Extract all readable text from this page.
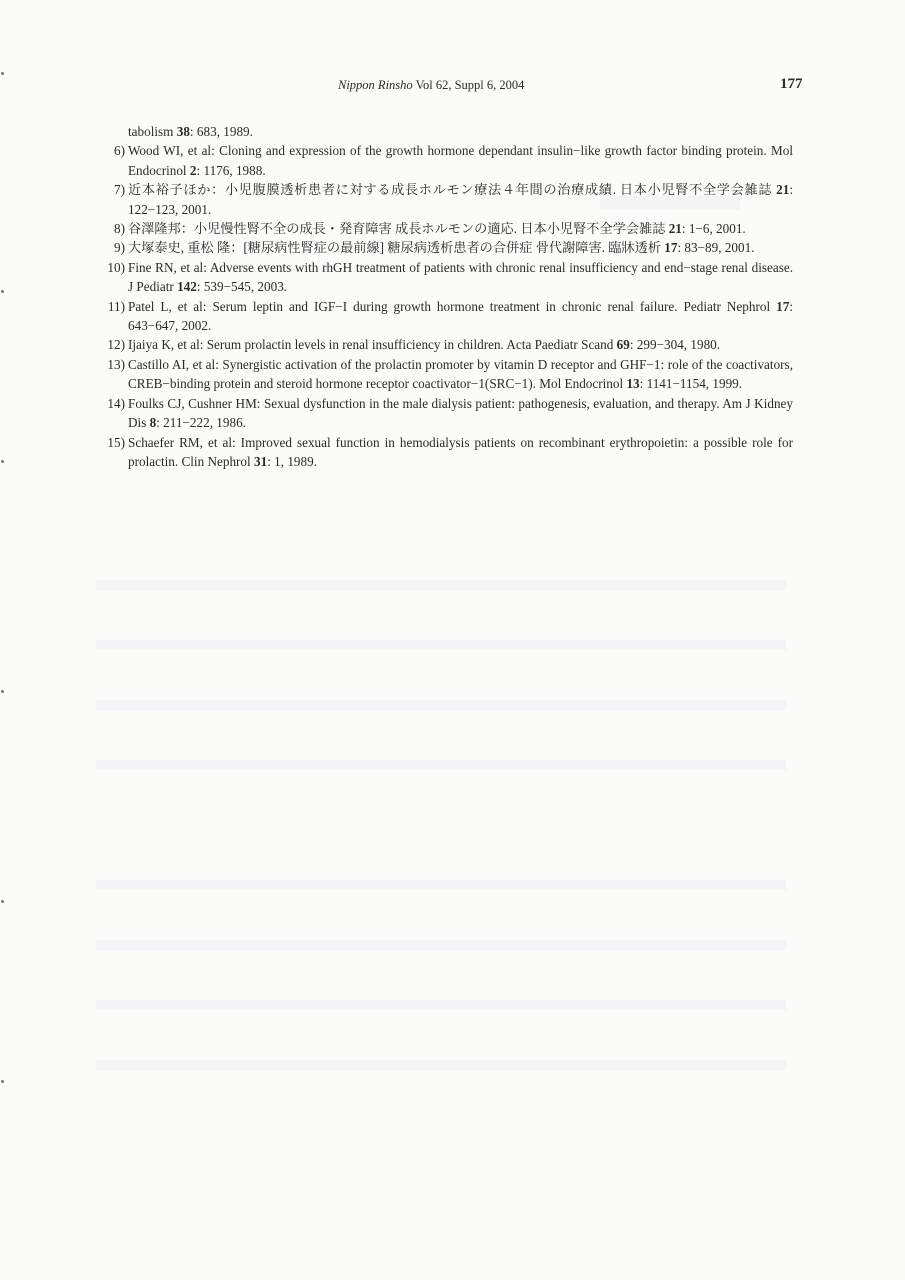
Nippon Rinsho Vol 62, Suppl 6, 2004	177
tabolism 38: 683, 1989.
6) Wood WI, et al: Cloning and expression of the growth hormone dependant insulin−like growth factor binding protein. Mol Endocrinol 2: 1176, 1988.
7) 近本裕子ほか：小児腹膜透析患者に対する成長ホルモン療法４年間の治療成績. 日本小児腎不全学会雑誌 21: 122−123, 2001.
8) 谷澤隆邦：小児慢性腎不全の成長・発育障害 成長ホルモンの適応. 日本小児腎不全学会雑誌 21: 1−6, 2001.
9) 大塚泰史, 重松 隆：[糖尿病性腎症の最前線] 糖尿病透析患者の合併症 骨代謝障害. 臨牀透析 17: 83−89, 2001.
10) Fine RN, et al: Adverse events with rhGH treatment of patients with chronic renal insufficiency and end−stage renal disease. J Pediatr 142: 539−545, 2003.
11) Patel L, et al: Serum leptin and IGF−I during growth hormone treatment in chronic renal failure. Pediatr Nephrol 17: 643−647, 2002.
12) Ijaiya K, et al: Serum prolactin levels in renal insufficiency in children. Acta Paediatr Scand 69: 299−304, 1980.
13) Castillo AI, et al: Synergistic activation of the prolactin promoter by vitamin D receptor and GHF−1: role of the coactivators, CREB−binding protein and steroid hormone receptor coactivator−1(SRC−1). Mol Endocrinol 13: 1141−1154, 1999.
14) Foulks CJ, Cushner HM: Sexual dysfunction in the male dialysis patient: pathogenesis, evaluation, and therapy. Am J Kidney Dis 8: 211−222, 1986.
15) Schaefer RM, et al: Improved sexual function in hemodialysis patients on recombinant erythropoietin: a possible role for prolactin. Clin Nephrol 31: 1, 1989.
